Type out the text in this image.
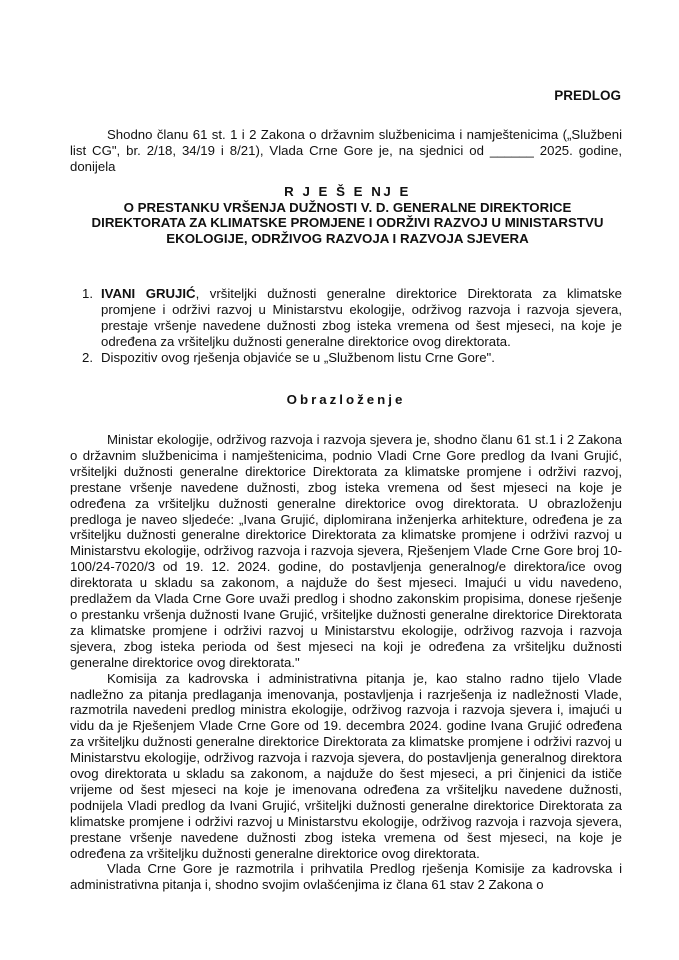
PREDLOG
Shodno članu 61 st. 1 i 2 Zakona o državnim službenicima i namještenicima („Službeni list CG", br. 2/18, 34/19 i 8/21), Vlada Crne Gore je, na sjednici od ______ 2025. godine, donijela
R J E Š E NJ E
O PRESTANKU VRŠENJA DUŽNOSTI V. D. GENERALNE DIREKTORICE
DIREKTORATA ZA KLIMATSKE PROMJENE I ODRŽIVI RAZVOJ U MINISTARSTVU
EKOLOGIJE, ODRŽIVOG RAZVOJA I RAZVOJA SJEVERA
1. IVANI GRUJIĆ, vršiteljki dužnosti generalne direktorice Direktorata za klimatske promjene i održivi razvoj u Ministarstvu ekologije, održivog razvoja i razvoja sjevera, prestaje vršenje navedene dužnosti zbog isteka vremena od šest mjeseci, na koje je određena za vršiteljku dužnosti generalne direktorice ovog direktorata.
2. Dispozitiv ovog rješenja objaviće se u „Službenom listu Crne Gore".
Obrazloženje

Ministar ekologije, održivog razvoja i razvoja sjevera je, shodno članu 61 st.1 i 2 Zakona o državnim službenicima i namještenicima, podnio Vladi Crne Gore predlog da Ivani Grujić, vršiteljki dužnosti generalne direktorice Direktorata za klimatske promjene i održivi razvoj, prestane vršenje navedene dužnosti, zbog isteka vremena od šest mjeseci na koje je određena za vršiteljku dužnosti generalne direktorice ovog direktorata. U obrazloženju predloga je naveo sljedeće: „Ivana Grujić, diplomirana inženjerka arhitekture, određena je za vršiteljku dužnosti generalne direktorice Direktorata za klimatske promjene i održivi razvoj u Ministarstvu ekologije, održivog razvoja i razvoja sjevera, Rješenjem Vlade Crne Gore broj 10-100/24-7020/3 od 19. 12. 2024. godine, do postavljenja generalnog/e direktora/ice ovog direktorata u skladu sa zakonom, a najduže do šest mjeseci. Imajući u vidu navedeno, predlažem da Vlada Crne Gore uvaži predlog i shodno zakonskim propisima, donese rješenje o prestanku vršenja dužnosti Ivane Grujić, vršiteljke dužnosti generalne direktorice Direktorata za klimatske promjene i održivi razvoj u Ministarstvu ekologije, održivog razvoja i razvoja sjevera, zbog isteka perioda od šest mjeseci na koji je određena za vršiteljku dužnosti generalne direktorice ovog direktorata."

Komisija za kadrovska i administrativna pitanja je, kao stalno radno tijelo Vlade nadležno za pitanja predlaganja imenovanja, postavljenja i razrješenja iz nadležnosti Vlade, razmotrila navedeni predlog ministra ekologije, održivog razvoja i razvoja sjevera i, imajući u vidu da je Rješenjem Vlade Crne Gore od 19. decembra 2024. godine Ivana Grujić određena za vršiteljku dužnosti generalne direktorice Direktorata za klimatske promjene i održivi razvoj u Ministarstvu ekologije, održivog razvoja i razvoja sjevera, do postavljenja generalnog direktora ovog direktorata u skladu sa zakonom, a najduže do šest mjeseci, a pri činjenici da ističe vrijeme od šest mjeseci na koje je imenovana određena za vršiteljku navedene dužnosti, podnijela Vladi predlog da Ivani Grujić, vršiteljki dužnosti generalne direktorice Direktorata za klimatske promjene i održivi razvoj u Ministarstvu ekologije, održivog razvoja i razvoja sjevera, prestane vršenje navedene dužnosti zbog isteka vremena od šest mjeseci, na koje je određena za vršiteljku dužnosti generalne direktorice ovog direktorata.

Vlada Crne Gore je razmotrila i prihvatila Predlog rješenja Komisije za kadrovska i administrativna pitanja i, shodno svojim ovlašćenjima iz člana 61 stav 2 Zakona o
